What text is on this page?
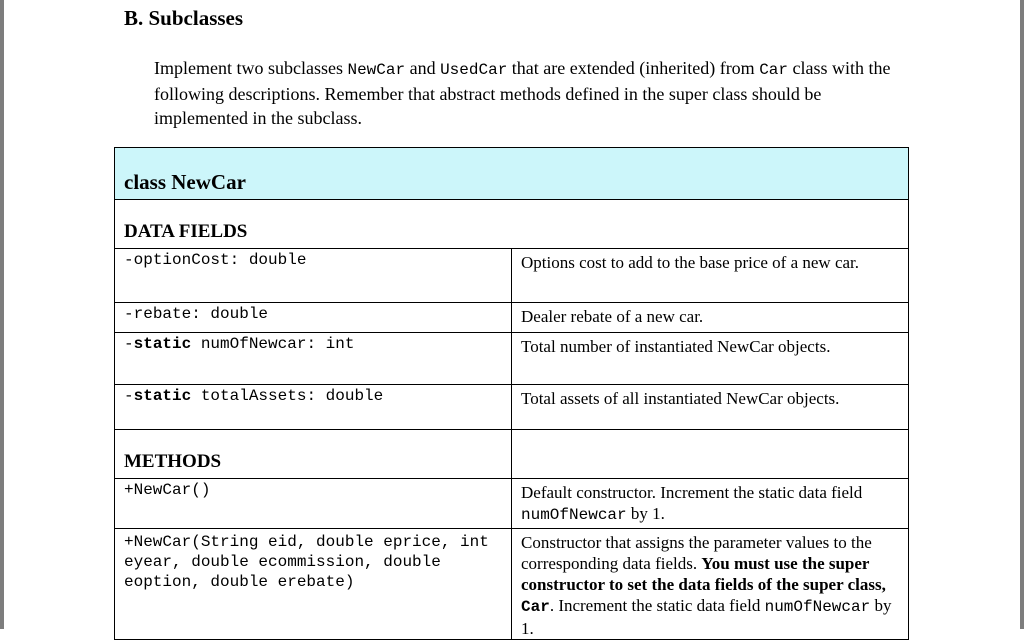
B. Subclasses
Implement two subclasses NewCar and UsedCar that are extended (inherited) from Car class with the following descriptions. Remember that abstract methods defined in the super class should be implemented in the subclass.
class NewCar	

DATA FIELDS	

-optionCost: double	Options cost to add to the base price of a new car.
-rebate: double	Dealer rebate of a new car.
-static numOfNewcar: int	Total number of instantiated NewCar objects.
-static totalAssets: double	Total assets of all instantiated NewCar objects.

METHODS	

+NewCar()	Default constructor. Increment the static data field numOfNewcar by 1.
+NewCar(String eid, double eprice, int eyear, double ecommission, double eoption, double erebate)	Constructor that assigns the parameter values to the corresponding data fields. You must use the super constructor to set the data fields of the super class, Car. Increment the static data field numOfNewcar by 1.
